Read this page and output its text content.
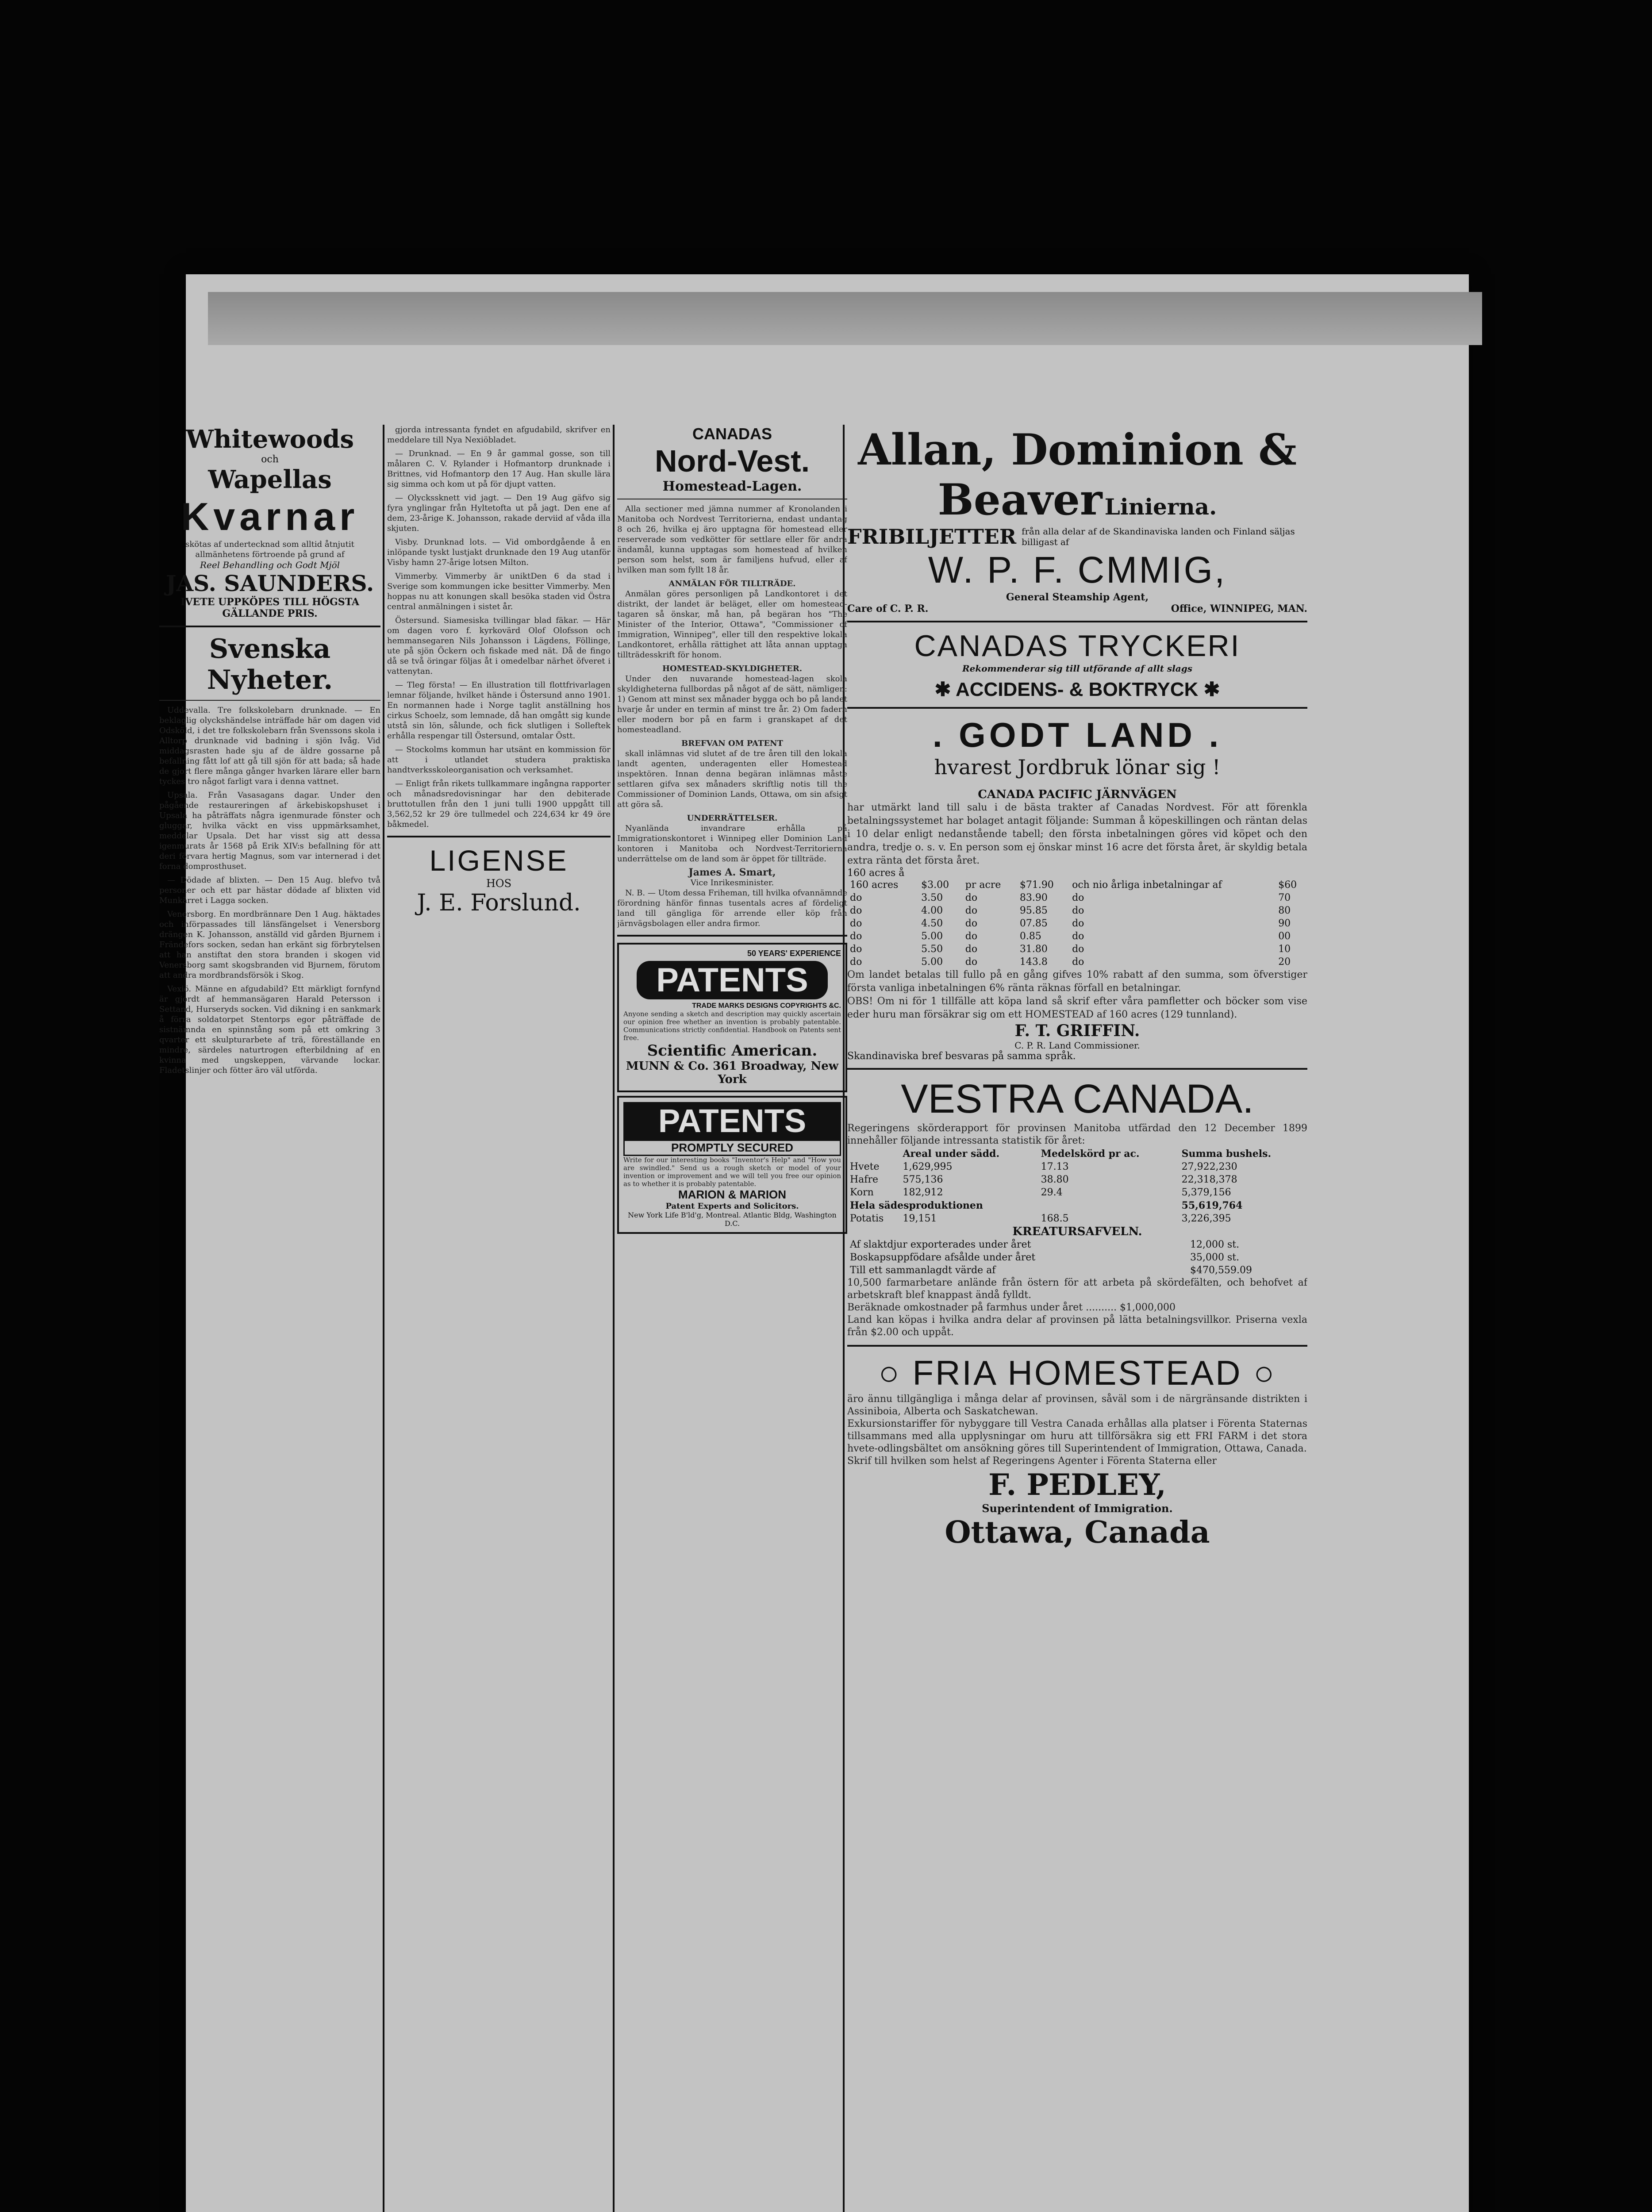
Whitewoods
och
Wapellas
Kvarnar
skötas af undertecknad som alltid åtnjutit allmänhetens förtroende på grund af
Reel Behandling och Godt Mjöl
JAS. SAUNDERS.
IVETE UPPKÖPES TILL HÖGSTA GÄLLANDE PRIS.
Svenska Nyheter.

Uddevalla. Tre folkskolebarn drunknade. — En beklaglig olyckshändelse inträffade här om dagen vid Odsköld, i det tre folkskolebarn från Svenssons skola i Alltorp drunknade vid badning i sjön Ivåg. Vid middagsrasten hade sju af de äldre gossarne på befallning fått lof att gå till sjön för att bada; så hade de gjort flere många gånger hvarken lärare eller barn tyckes tro något farligt vara i denna vattnet.

Upsala. Från Vasasagans dagar. Under den pågående restaureringen af ärkebiskopshuset i Upsala ha påträffats några igenmurade fönster och gluggar, hvilka väckt en viss uppmärksamhet, meddelar Upsala. Det har visst sig att dessa igenmurats år 1568 på Erik XIV:s befallning för att deri förvara hertig Magnus, som var internerad i det forna domprosthuset.

— Dödade af blixten. — Den 15 Aug. blefvo två personer och ett par hästar dödade af blixten vid Munkärret i Lagga socken.

Venersborg. En mordbrännare Den 1 Aug. häktades och införpassades till länsfängelset i Venersborg drängen K. Johansson, anställd vid gården Bjurnem i Frändefors socken, sedan han erkänt sig förbrytelsen att han anstiftat den stora branden i skogen vid Venersborg samt skogsbranden vid Bjurnem, förutom att andra mordbrandsförsök i Skog.

Vexiö. Männe en afgudabild? Ett märkligt fornfynd är gjordt af hemmansägaren Harald Petersson i Settand, Hurseryds socken. Vid dikning i en sankmark å förra soldatorpet Stentorps egor påträffade de sistnämnda en spinnstång som på ett omkring 3 qvarter ett skulpturarbete af trä, föreställande en mindre, särdeles naturtrogen efterbildning af en kvinna med ungskeppen, värvande lockar. Fladetslinjer och fötter äro väl utförda.

gjorda intressanta fyndet en afgudabild, skrifver en meddelare till Nya Nexiöbladet.

— Drunknad. — En 9 år gammal gosse, son till målaren C. V. Rylander i Hofmantorp drunknade i Brittnes, vid Hofmantorp den 17 Aug. Han skulle lära sig simma och kom ut på för djupt vatten.

— Olyckssknett vid jagt. — Den 19 Aug gäfvo sig fyra ynglingar från Hyltetofta ut på jagt. Den ene af dem, 23-årige K. Johansson, rakade derviid af våda illa skjuten.

Visby. Drunknad lots. — Vid ombordgående å en inlöpande tyskt lustjakt drunknade den 19 Aug utanför Visby hamn 27-årige lotsen Milton.

Vimmerby. Vimmerby är uniktDen 6 da stad i Sverige som kommungen icke besitter Vimmerby. Men hoppas nu att konungen skall besöka staden vid Östra central anmälningen i sistet år.

Östersund. Siamesiska tvillingar blad fäkar. — Här om dagen voro f. kyrkovärd Olof Olofsson och hemmansegaren Nils Johansson i Lägdens, Föllinge, ute på sjön Öckern och fiskade med nät. Då de fingo då se två öringar följas åt i omedelbar närhet öfveret i vattenytan.

— Tleg första! — En illustration till flottfrivarlagen lemnar följande, hvilket hände i Östersund anno 1901. En normannen hade i Norge taglit anställning hos cirkus Schoelz, som lemnade, då han omgått sig kunde utstå sin lön, sålunde, och fick slutligen i Solleftek erhålla respengar till Östersund, omtalar Östt.

— Stockolms kommun har utsänt en kommission för att i utlandet studera praktiska handtverksskoleorganisation och verksamhet.

— Enligt från rikets tullkammare ingångna rapporter och månadsredovisningar har den debiterade bruttotullen från den 1 juni tulli 1900 uppgått till 3,562,52 kr 29 öre tullmedel och 224,634 kr 49 öre båkmedel.

LIGENSE
HOS
J. E. Forslund.
CANADAS
Nord-Vest.
Homestead-Lagen.

Alla sectioner med jämna nummer af Kronolanden i Manitoba och Nordvest Territorierna, endast undantag 8 och 26, hvilka ej äro upptagna för homestead eller reserverade som vedkötter för settlare eller för andra ändamål, kunna upptagas som homestead af hvilken person som helst, som är familjens hufvud, eller af hvilken man som fyllt 18 år.

ANMÄLAN FÖR TILLTRÄDE.

Anmälan göres personligen på Landkontoret i det distrikt, der landet är beläget, eller om homestead-tagaren så önskar, må han, på begäran hos "The Minister of the Interior, Ottawa", "Commissioner of Immigration, Winnipeg", eller till den respektive lokala Landkontoret, erhålla rättighet att låta annan upptaga tillträdesskrift för honom.

HOMESTEAD-SKYLDIGHETER.

Under den nuvarande homestead-lagen skola skyldigheterna fullbordas på något af de sätt, nämligen: 1) Genom att minst sex månader bygga och bo på landet hvarje år under en termin af minst tre år. 2) Om fadern eller modern bor på en farm i granskapet af det homesteadland.

BREFVAN OM PATENT

skall inlämnas vid slutet af de tre åren till den lokala landt agenten, underagenten eller Homestead inspektören. Innan denna begäran inlämnas måste settlaren gifva sex månaders skriftlig notis till the Commissioner of Dominion Lands, Ottawa, om sin afsigt att göra så.

UNDERRÄTTELSER.

Nyanlända invandrare erhålla på Immigrationskontoret i Winnipeg eller Dominion Land kontoren i Manitoba och Nordvest-Territorierna underrättelse om de land som är öppet för tillträde.

James A. Smart,
Vice Inrikesminister.

N. B. — Utom dessa Friheman, till hvilka ofvannämnde förordning hänför finnas tusentals acres af fördeligt land till gängliga för arrende eller köp från järnvägsbolagen eller andra firmor.

50 YEARS' EXPERIENCE
PATENTS
TRADE MARKS DESIGNS COPYRIGHTS &C.
Anyone sending a sketch and description may quickly ascertain our opinion free whether an invention is probably patentable. Communications strictly confidential. Handbook on Patents sent free.
Scientific American.
MUNN & Co. 361 Broadway, New York
PATENTS
PROMPTLY SECURED
Write for our interesting books "Inventor's Help" and "How you are swindled." Send us a rough sketch or model of your invention or improvement and we will tell you free our opinion as to whether it is probably patentable.
MARION & MARION
Patent Experts and Solicitors.
New York Life B'ld'g, Montreal. Atlantic Bldg, Washington D.C.
Allan, Dominion &
Beaver Linierna.
FRIBILJETTER från alla delar af de Skandinaviska landen och Finland säljas billigast af
W. P. F. CMMIG,
General Steamship Agent,
Care of C. P. R.	Office, WINNIPEG, MAN.
CANADAS TRYCKERI
Rekommenderar sig till utförande af allt slags
✱ ACCIDENS- & BOKTRYCK ✱
. GODT LAND .
hvarest Jordbruk lönar sig !
CANADA PACIFIC JÄRNVÄGEN
har utmärkt land till salu i de bästa trakter af Canadas Nordvest. För att förenkla betalningssystemet har bolaget antagit följande: Summan å köpeskillingen och räntan delas i 10 delar enligt nedanstående tabell; den första inbetalningen göres vid köpet och den andra, tredje o. s. v. En person som ej önskar minst 16 acre det första året, är skyldig betala extra ränta det första året.
160 acres å
160 acres	$3.00	pr acre	$71.90	och nio årliga inbetalningar af	$60
do	3.50	do	83.90	do	70
do	4.00	do	95.85	do	80
do	4.50	do	07.85	do	90
do	5.00	do	0.85	do	00
do	5.50	do	31.80	do	10
do	5.00	do	143.8	do	20
Om landet betalas till fullo på en gång gifves 10% rabatt af den summa, som öfverstiger första vanliga inbetalningen 6% ränta räknas förfall en betalningar.
OBS! Om ni för 1 tillfälle att köpa land så skrif efter våra pamfletter och böcker som vise eder huru man försäkrar sig om ett HOMESTEAD af 160 acres (129 tunnland).
F. T. GRIFFIN.
C. P. R. Land Commissioner.
Skandinaviska bref besvaras på samma språk.
VESTRA CANADA.
Regeringens skörderapport för provinsen Manitoba utfärdad den 12 December 1899 innehåller följande intressanta statistik för året:
	Areal under sädd.	Medelskörd pr ac.	Summa bushels.
Hvete	1,629,995	17.13	27,922,230
Hafre	575,136	38.80	22,318,378
Korn	182,912	29.4	5,379,156
Hela sädesproduktionen			55,619,764
Potatis	19,151	168.5	3,226,395
KREATURSAFVELN.
Af slaktdjur exporterades under året	12,000 st.
Boskapsuppfödare afsålde under året	35,000 st.
Till ett sammanlagdt värde af	$470,559.09
10,500 farmarbetare anlände från östern för att arbeta på skördefälten, och behofvet af arbetskraft blef knappast ändå fylldt.
Beräknade omkostnader på farmhus under året .......... $1,000,000
Land kan köpas i hvilka andra delar af provinsen på lätta betalningsvillkor. Priserna vexla från $2.00 och uppåt.
○ FRIA HOMESTEAD ○
äro ännu tillgängliga i många delar af provinsen, såväl som i de närgränsande distrikten i Assiniboia, Alberta och Saskatchewan.
Exkursionstariffer för nybyggare till Vestra Canada erhållas alla platser i Förenta Staternas tillsammans med alla upplysningar om huru att tillförsäkra sig ett FRI FARM i det stora hvete-odlingsbältet om ansökning göres till Superintendent of Immigration, Ottawa, Canada.
Skrif till hvilken som helst af Regeringens Agenter i Förenta Staterna eller
F. PEDLEY,
Superintendent of Immigration.
Ottawa, Canada
